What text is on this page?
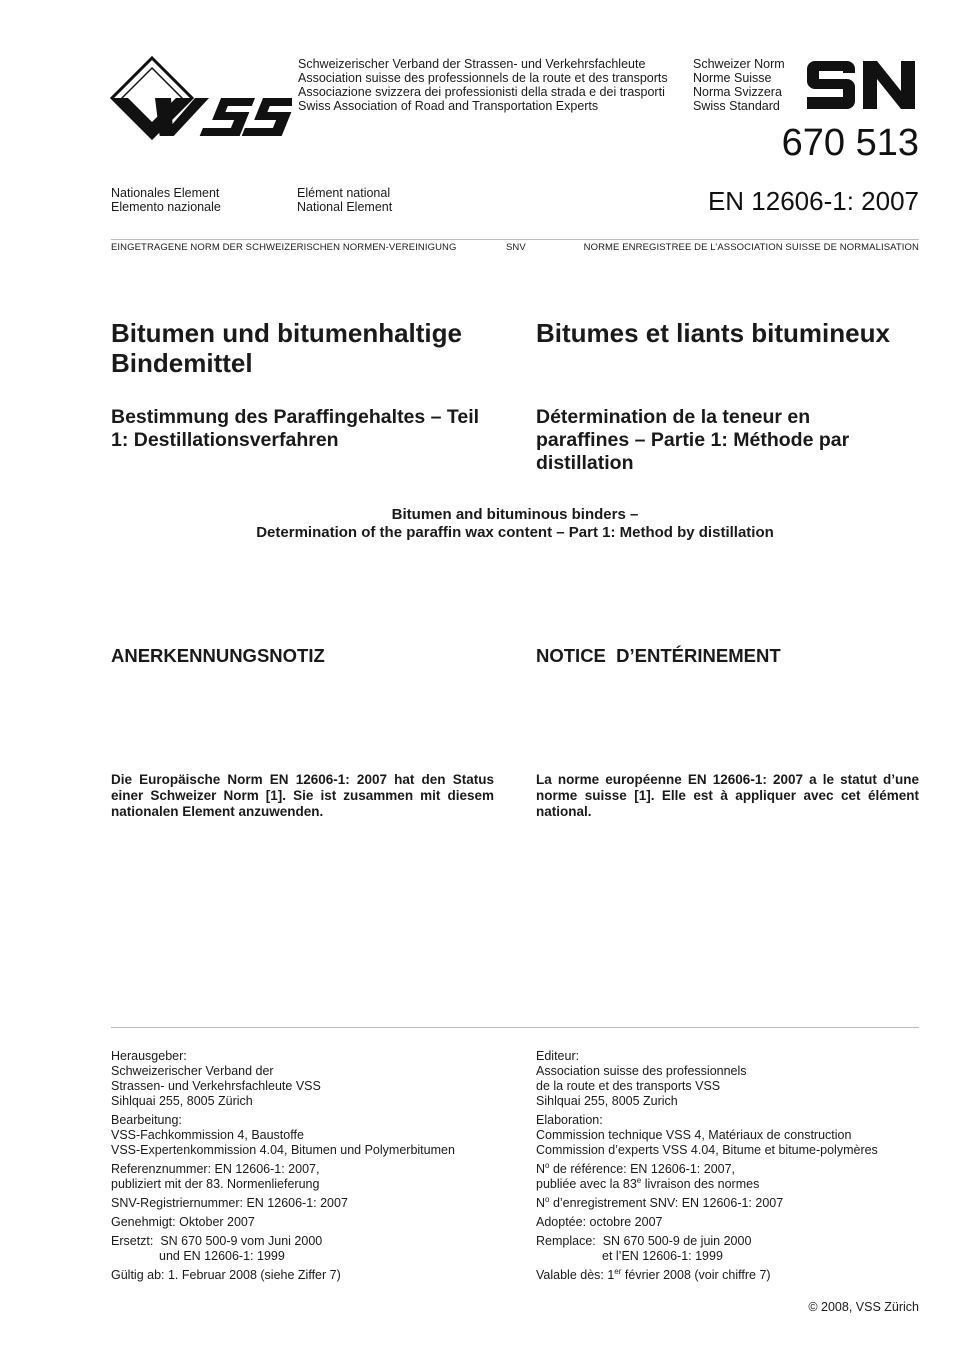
Schweizerischer Verband der Strassen- und Verkehrsfachleute
Association suisse des professionnels de la route et des transports
Associazione svizzera dei professionisti della strada e dei trasporti
Swiss Association of Road and Transportation Experts
Schweizer Norm
Norme Suisse
Norma Svizzera
Swiss Standard
670 513
Nationales Element
Elemento nazionale
Elément national
National Element	EN 12606-1: 2007
EINGETRAGENE NORM DER SCHWEIZERISCHEN NORMEN-VEREINIGUNG	SNV	NORME ENREGISTREE DE L’ASSOCIATION SUISSE DE NORMALISATION
Bitumen und bitumenhaltige Bindemittel
Bitumes et liants bitumineux
Bestimmung des Paraffingehaltes – Teil 1: Destillationsverfahren
Détermination de la teneur en paraffines – Partie 1: Méthode par distillation
Bitumen and bituminous binders –
Determination of the paraffin wax content – Part 1: Method by distillation
ANERKENNUNGSNOTIZ	NOTICE  D’ENTÉRINEMENT
Die Europäische Norm EN 12606-1: 2007 hat den Status einer Schweizer Norm [1]. Sie ist zusammen mit diesem nationalen Element anzuwenden.
La norme européenne EN 12606-1: 2007 a le statut d’une norme suisse [1]. Elle est à appliquer avec cet élément national.
Herausgeber:
Schweizerischer Verband der
Strassen- und Verkehrsfachleute VSS
Sihlquai 255, 8005 Zürich
Bearbeitung:
VSS-Fachkommission 4, Baustoffe
VSS-Expertenkommission 4.04, Bitumen und Polymerbitumen
Referenznummer: EN 12606-1: 2007,
publiziert mit der 83. Normenlieferung
SNV-Registriernummer: EN 12606-1: 2007
Genehmigt: Oktober 2007
Ersetzt:  SN 670 500-9 vom Juni 2000
und EN 12606-1: 1999
Gültig ab: 1. Februar 2008 (siehe Ziffer 7)
Editeur:
Association suisse des professionnels
de la route et des transports VSS
Sihlquai 255, 8005 Zurich
Elaboration:
Commission technique VSS 4, Matériaux de construction
Commission d’experts VSS 4.04, Bitume et bitume-polymères
$N^o$ de référence: EN 12606-1: 2007,
publiée avec la 83e livraison des normes
$N^o$ d’enregistrement SNV: EN 12606-1: 2007
Adoptée: octobre 2007
Remplace:  SN 670 500-9 de juin 2000
et l’EN 12606-1: 1999
Valable dès: 1er février 2008 (voir chiffre 7)
© 2008, VSS Zürich
